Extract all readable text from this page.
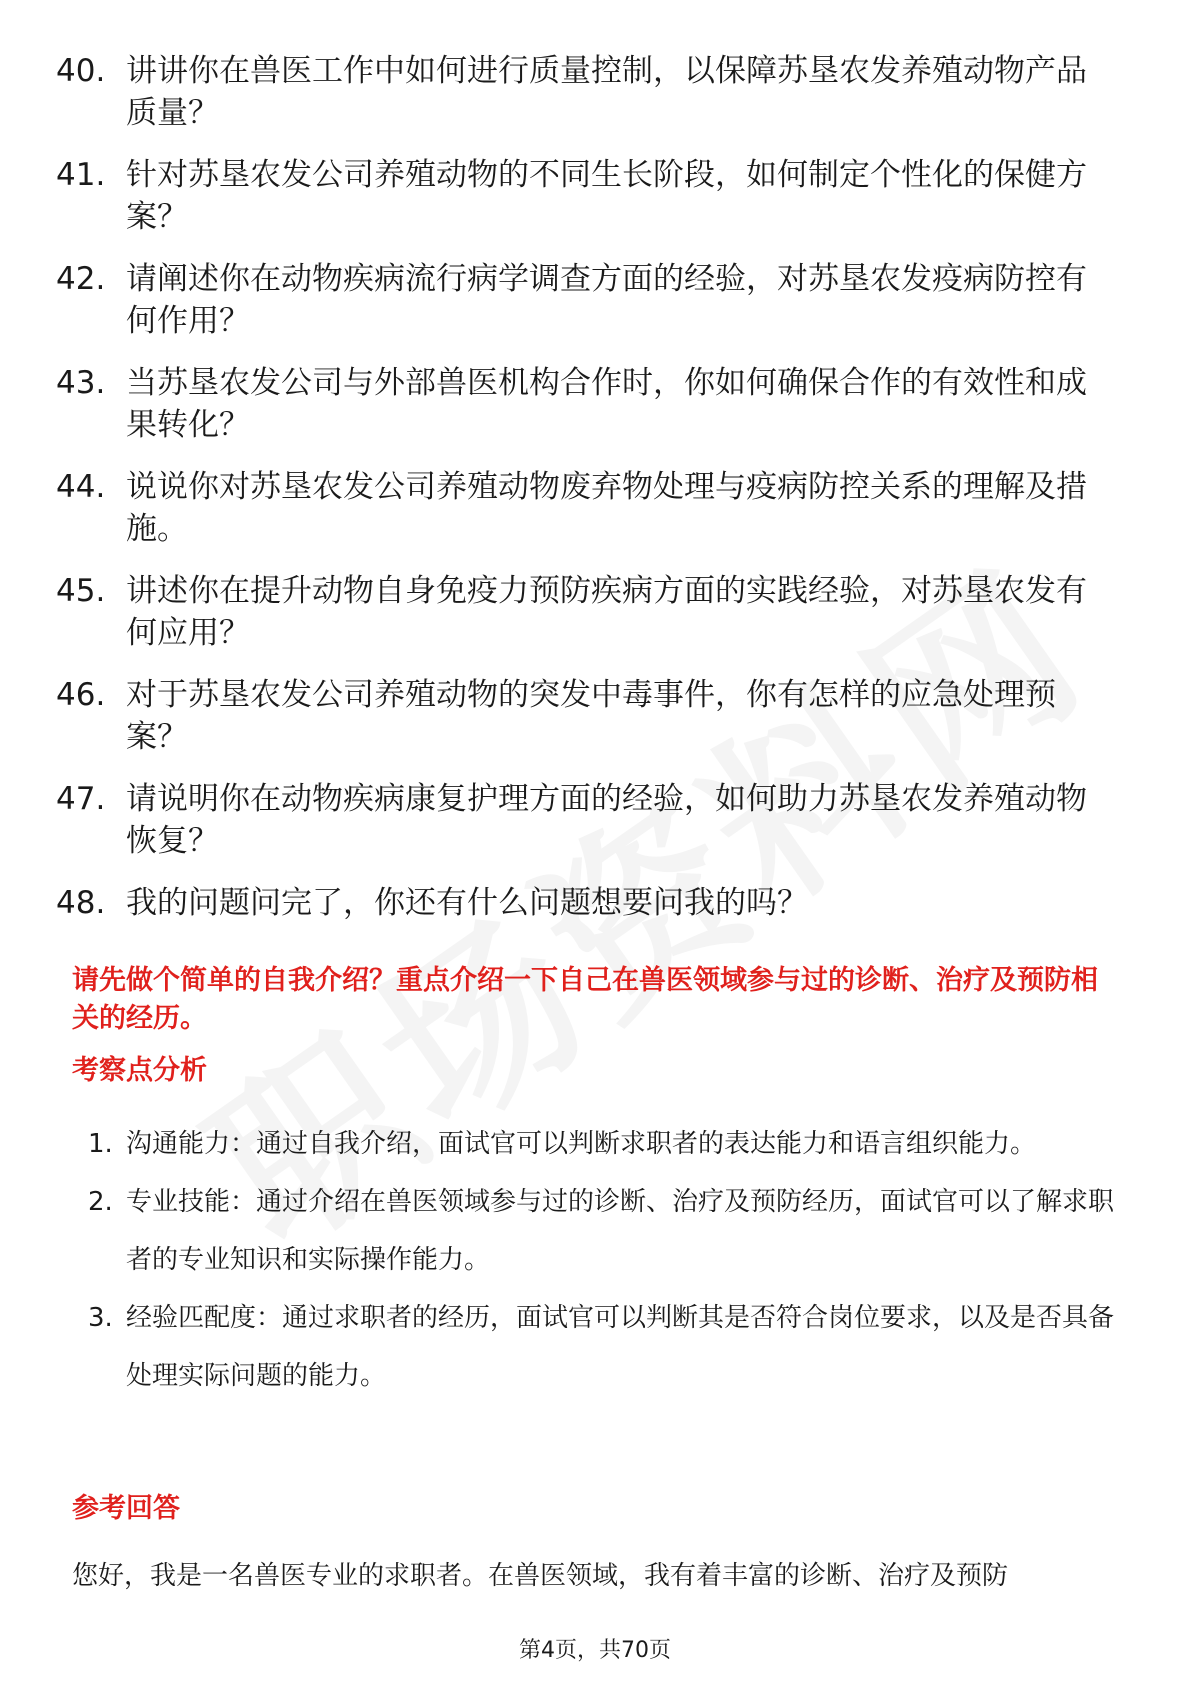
40. 讲讲你在兽医工作中如何进行质量控制，以保障苏垦农发养殖动物产品质量？
41. 针对苏垦农发公司养殖动物的不同生长阶段，如何制定个性化的保健方案？
42. 请阐述你在动物疾病流行病学调查方面的经验，对苏垦农发疫病防控有何作用？
43. 当苏垦农发公司与外部兽医机构合作时，你如何确保合作的有效性和成果转化？
44. 说说你对苏垦农发公司养殖动物废弃物处理与疫病防控关系的理解及措施。
45. 讲述你在提升动物自身免疫力预防疾病方面的实践经验，对苏垦农发有何应用？
46. 对于苏垦农发公司养殖动物的突发中毒事件，你有怎样的应急处理预案？
47. 请说明你在动物疾病康复护理方面的经验，如何助力苏垦农发养殖动物恢复？
48. 我的问题问完了，你还有什么问题想要问我的吗？
请先做个简单的自我介绍？重点介绍一下自己在兽医领域参与过的诊断、治疗及预防相关的经历。
考察点分析
1. 沟通能力：通过自我介绍，面试官可以判断求职者的表达能力和语言组织能力。
2. 专业技能：通过介绍在兽医领域参与过的诊断、治疗及预防经历，面试官可以了解求职者的专业知识和实际操作能力。
3. 经验匹配度：通过求职者的经历，面试官可以判断其是否符合岗位要求，以及是否具备处理实际问题的能力。
参考回答
您好，我是一名兽医专业的求职者。在兽医领域，我有着丰富的诊断、治疗及预防
第4页，共70页
